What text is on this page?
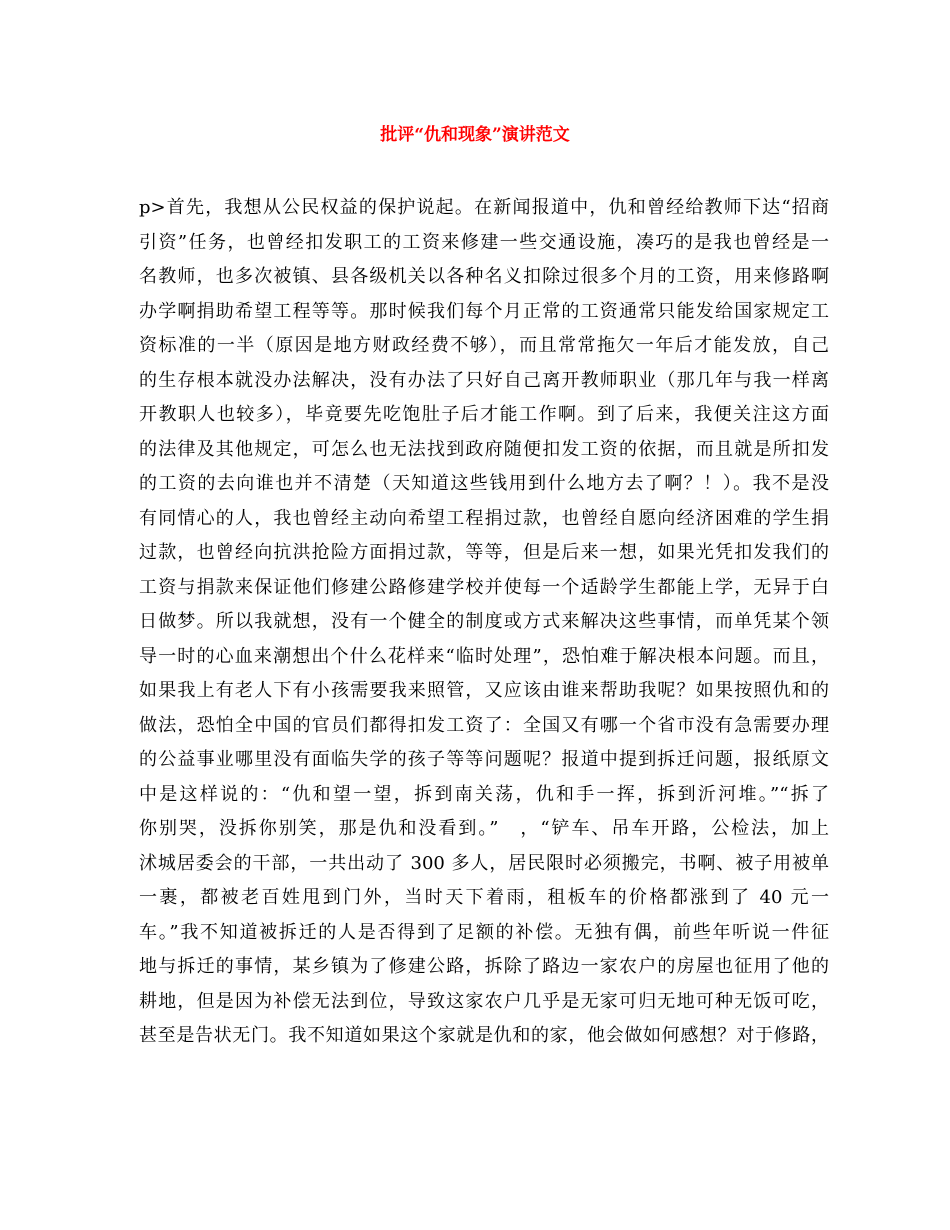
批评“仇和现象”演讲范文
p>首先，我想从公民权益的保护说起。在新闻报道中，仇和曾经给教师下达“招商
引资”任务，也曾经扣发职工的工资来修建一些交通设施，凑巧的是我也曾经是一
名教师，也多次被镇、县各级机关以各种名义扣除过很多个月的工资，用来修路啊
办学啊捐助希望工程等等。那时候我们每个月正常的工资通常只能发给国家规定工
资标准的一半（原因是地方财政经费不够），而且常常拖欠一年后才能发放，自己
的生存根本就没办法解决，没有办法了只好自己离开教师职业（那几年与我一样离
开教职人也较多），毕竟要先吃饱肚子后才能工作啊。到了后来，我便关注这方面
的法律及其他规定，可怎么也无法找到政府随便扣发工资的依据，而且就是所扣发
的工资的去向谁也并不清楚（天知道这些钱用到什么地方去了啊？！）。我不是没
有同情心的人，我也曾经主动向希望工程捐过款，也曾经自愿向经济困难的学生捐
过款，也曾经向抗洪抢险方面捐过款，等等，但是后来一想，如果光凭扣发我们的
工资与捐款来保证他们修建公路修建学校并使每一个适龄学生都能上学，无异于白
日做梦。所以我就想，没有一个健全的制度或方式来解决这些事情，而单凭某个领
导一时的心血来潮想出个什么花样来“临时处理”，恐怕难于解决根本问题。而且，
如果我上有老人下有小孩需要我来照管，又应该由谁来帮助我呢？如果按照仇和的
做法，恐怕全中国的官员们都得扣发工资了：全国又有哪一个省市没有急需要办理
的公益事业哪里没有面临失学的孩子等等问题呢？报道中提到拆迁问题，报纸原文
中是这样说的：“仇和望一望，拆到南关荡，仇和手一挥，拆到沂河堆。”“拆了
你别哭，没拆你别笑，那是仇和没看到。”　，“铲车、吊车开路，公检法，加上
沭城居委会的干部，一共出动了 300 多人，居民限时必须搬完，书啊、被子用被单
一裹，都被老百姓甩到门外，当时天下着雨，租板车的价格都涨到了 40 元一
车。”我不知道被拆迁的人是否得到了足额的补偿。无独有偶，前些年听说一件征
地与拆迁的事情，某乡镇为了修建公路，拆除了路边一家农户的房屋也征用了他的
耕地，但是因为补偿无法到位，导致这家农户几乎是无家可归无地可种无饭可吃，
甚至是告状无门。我不知道如果这个家就是仇和的家，他会做如何感想？对于修路，
